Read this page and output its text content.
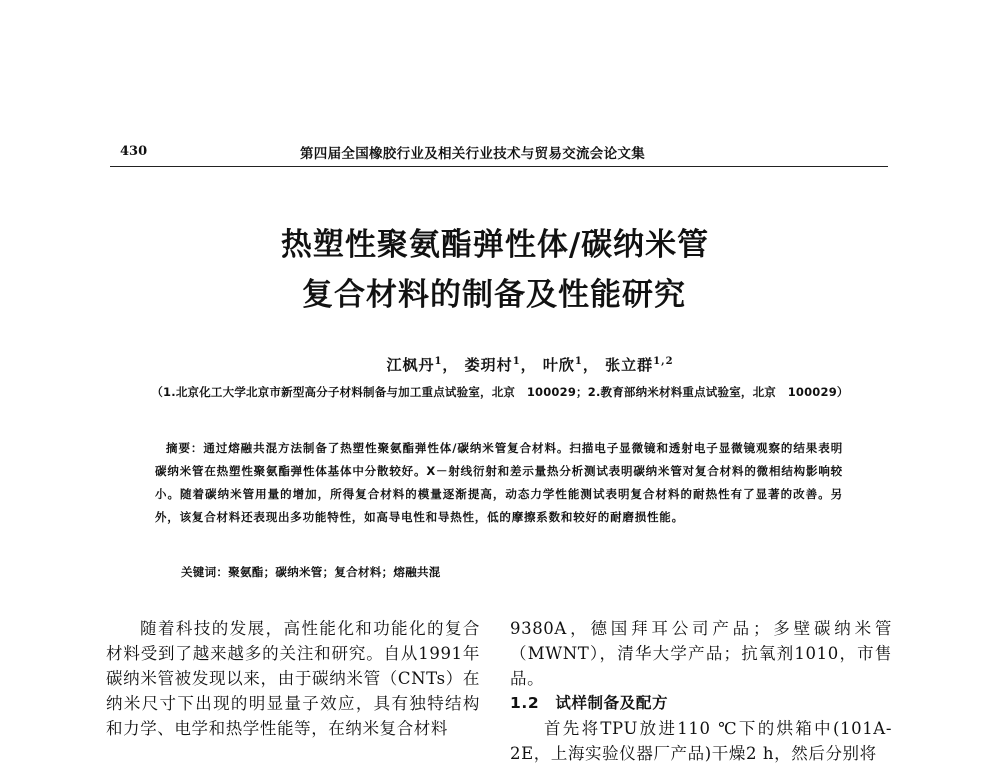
430	第四届全国橡胶行业及相关行业技术与贸易交流会论文集
热塑性聚氨酯弹性体/碳纳米管
复合材料的制备及性能研究
江枫丹$^1$， 娄玥村$^1$， 叶欣$^1$， 张立群$^{1,2}$
（1.北京化工大学北京市新型高分子材料制备与加工重点试验室，北京　100029；2.教育部纳米材料重点试验室，北京　100029）

摘要：通过熔融共混方法制备了热塑性聚氨酯弹性体/碳纳米管复合材料。扫描电子显微镜和透射电子显微镜观察的结果表明碳纳米管在热塑性聚氨酯弹性体基体中分散较好。X－射线衍射和差示量热分析测试表明碳纳米管对复合材料的微相结构影响较小。随着碳纳米管用量的增加，所得复合材料的模量逐渐提高，动态力学性能测试表明复合材料的耐热性有了显著的改善。另外，该复合材料还表现出多功能特性，如高导电性和导热性，低的摩擦系数和较好的耐磨损性能。

关键词：聚氨酯；碳纳米管；复合材料；熔融共混

随着科技的发展，高性能化和功能化的复合材料受到了越来越多的关注和研究。自从1991年碳纳米管被发现以来，由于碳纳米管（CNTs）在纳米尺寸下出现的明显量子效应，具有独特结构和力学、电学和热学性能等，在纳米复合材料

9380A，德国拜耳公司产品；多壁碳纳米管（MWNT），清华大学产品；抗氧剂1010，市售品。

1.2　试样制备及配方

首先将TPU放进110 ℃下的烘箱中(101A-2E，上海实验仪器厂产品)干燥2 h，然后分别将
